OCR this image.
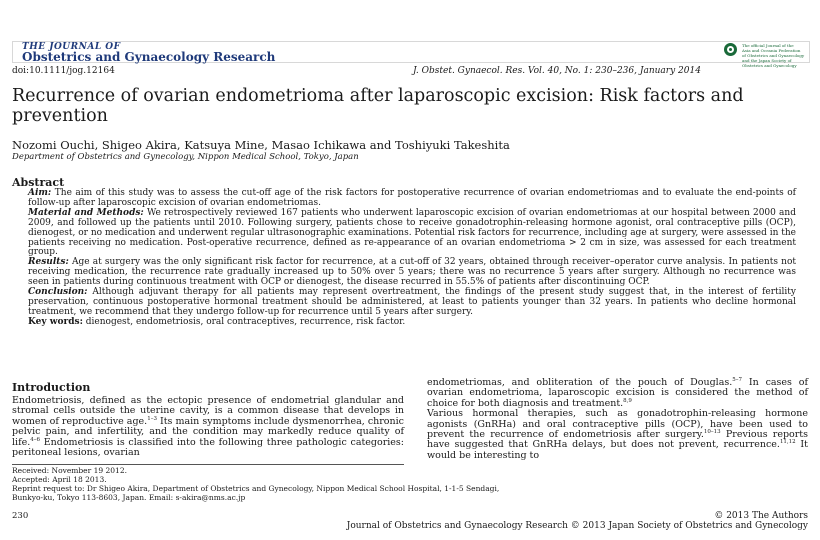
THE JOURNAL OF
Obstetrics and Gynaecology Research
The official Journal of the
Asia and Oceania Federation
of Obstetrics and Gynaecology
and the Japan Society of
Obstetrics and Gynecology
doi:10.1111/jog.12164	J. Obstet. Gynaecol. Res. Vol. 40, No. 1: 230–236, January 2014
Recurrence of ovarian endometrioma after laparoscopic excision: Risk factors and prevention
Nozomi Ouchi, Shigeo Akira, Katsuya Mine, Masao Ichikawa and Toshiyuki Takeshita
Department of Obstetrics and Gynecology, Nippon Medical School, Tokyo, Japan
Abstract

Aim: The aim of this study was to assess the cut-off age of the risk factors for postoperative recurrence of ovarian endometriomas and to evaluate the end-points of follow-up after laparoscopic excision of ovarian endometriomas.

Material and Methods: We retrospectively reviewed 167 patients who underwent laparoscopic excision of ovarian endometriomas at our hospital between 2000 and 2009, and followed up the patients until 2010. Following surgery, patients chose to receive gonadotrophin-releasing hormone agonist, oral contraceptive pills (OCP), dienogest, or no medication and underwent regular ultrasonographic examinations. Potential risk factors for recurrence, including age at surgery, were assessed in the patients receiving no medication. Post-operative recurrence, defined as re-appearance of an ovarian endometrioma > 2 cm in size, was assessed for each treatment group.

Results: Age at surgery was the only significant risk factor for recurrence, at a cut-off of 32 years, obtained through receiver–operator curve analysis. In patients not receiving medication, the recurrence rate gradually increased up to 50% over 5 years; there was no recurrence 5 years after surgery. Although no recurrence was seen in patients during continuous treatment with OCP or dienogest, the disease recurred in 55.5% of patients after discontinuing OCP.

Conclusion: Although adjuvant therapy for all patients may represent overtreatment, the findings of the present study suggest that, in the interest of fertility preservation, continuous postoperative hormonal treatment should be administered, at least to patients younger than 32 years. In patients who decline hormonal treatment, we recommend that they undergo follow-up for recurrence until 5 years after surgery.

Key words: dienogest, endometriosis, oral contraceptives, recurrence, risk factor.

Introduction

Endometriosis, defined as the ectopic presence of endometrial glandular and stromal cells outside the uterine cavity, is a common disease that develops in women of reproductive age.$^{1-3}$ Its main symptoms include dysmenorrhea, chronic pelvic pain, and infertility, and the condition may markedly reduce quality of life.$^{4-6}$ Endometriosis is classified into the following three pathologic categories: peritoneal lesions, ovarian

endometriomas, and obliteration of the pouch of Douglas.$^{5-7}$ In cases of ovarian endometrioma, laparoscopic excision is considered the method of choice for both diagnosis and treatment.$^{8,9}$

Various hormonal therapies, such as gonadotrophin-releasing hormone agonists (GnRHa) and oral contraceptive pills (OCP), have been used to prevent the recurrence of endometriosis after surgery.$^{10-13}$ Previous reports have suggested that GnRHa delays, but does not prevent, recurrence.$^{11,12}$ It would be interesting to

Received: November 19 2012.
Accepted: April 18 2013.
Reprint request to: Dr Shigeo Akira, Department of Obstetrics and Gynecology, Nippon Medical School Hospital, 1-1-5 Sendagi,
Bunkyo-ku, Tokyo 113-8603, Japan. Email: s-akira@nms.ac.jp
230	© 2013 The Authors
Journal of Obstetrics and Gynaecology Research © 2013 Japan Society of Obstetrics and Gynecology
